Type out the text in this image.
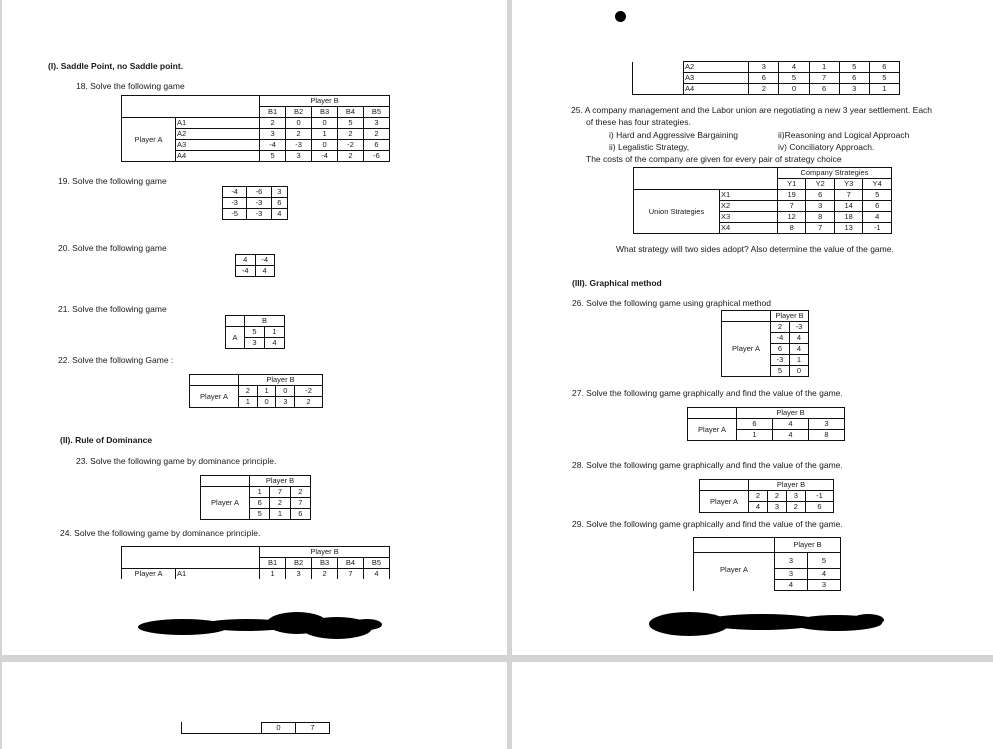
(I). Saddle Point, no Saddle point.
18. Solve the following game
		Player B				
		B1	B2	B3	B4	B5
Player A	A1	2	0	0	5	3
	A2	3	2	1	2	2
	A3	-4	-3	0	-2	6
	A4	5	3	-4	2	-6
19. Solve the following game
-4	-6	3
-3	-3	6
-5	-3	4
20. Solve the following game
4	-4
-4	4
21. Solve the following game
	B	
A	5	1
	3	4
22. Solve the following Game :
	Player B			
Player A	2	1	0	-2
	1	0	3	2
(II). Rule of Dominance
23. Solve the following game by dominance principle.
	Player B		
Player A	1	7	2
	6	2	7
	5	1	6
24. Solve the following game by dominance principle.
		Player B				
		B1	B2	B3	B4	B5
Player A	A1	1	3	2	7	4
	A2	3	4	1	5	6
	A3	6	5	7	6	5
	A4	2	0	6	3	1
25. A company management and the Labor union are negotiating a new 3 year settlement. Each
of these has four strategies.
i) Hard and Aggressive Bargaining	ii)Reasoning and Logical Approach
ii) Legalistic Strategy,	iv) Conciliatory Approach.
The costs of the company are given for every pair of strategy choice
		Company Strategies			
		Y1	Y2	Y3	Y4
Union Strategies	X1	19	6	7	5
	X2	7	3	14	6
	X3	12	8	18	4
	X4	8	7	13	-1
What strategy will two sides adopt? Also determine the value of the game.
(III). Graphical method
26. Solve the following game using graphical method
	Player B	
Player A	2	-3
	-4	4
	6	4
	-3	1
	5	0
27. Solve the following game graphically and find the value of the game.
	Player B		
Player A	6	4	3
	1	4	8
28. Solve the following game graphically and find the value of the game.
	Player B			
Player A	2	2	3	-1
	4	3	2	6
29. Solve the following game graphically and find the value of the game.
	Player B	
Player A	3	5
	3	4
	4	3
0	7
